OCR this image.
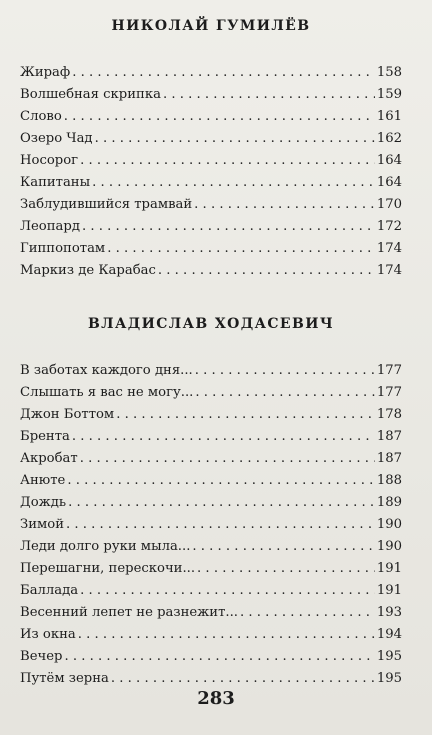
НИКОЛАЙ ГУМИЛЁВ
Жираф . . .	158
Волшебная скрипка . . .	159
Слово . . .	161
Озеро Чад . . .	162
Носорог . . .	164
Капитаны . . .	164
Заблудившийся трамвай . . .	170
Леопард . . .	172
Гиппопотам . . .	174
Маркиз де Карабас . . .	174
ВЛАДИСЛАВ ХОДАСЕВИЧ
В заботах каждого дня... . . .	177
Слышать я вас не могу... . . .	177
Джон Боттом . . .	178
Брента . . .	187
Акробат . . .	187
Анюте . . .	188
Дождь . . .	189
Зимой . . .	190
Леди долго руки мыла... . . .	190
Перешагни, перескочи... . . .	191
Баллада . . .	191
Весенний лепет не разнежит... . . .	193
Из окна . . .	194
Вечер . . .	195
Путём зерна . . .	195
283
